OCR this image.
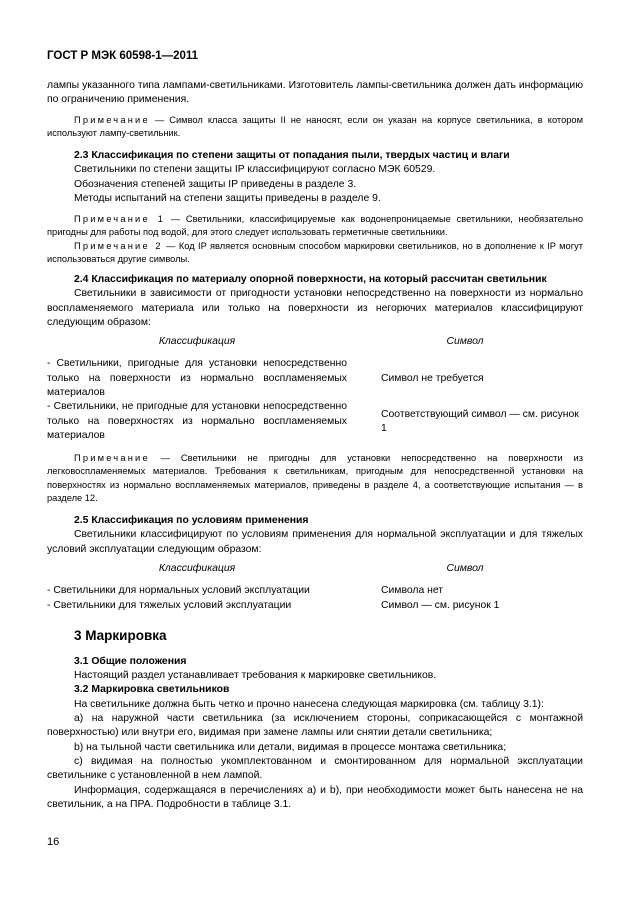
ГОСТ Р МЭК 60598-1—2011
лампы указанного типа лампами-светильниками. Изготовитель лампы-светильника должен дать информацию по ограничению применения.
Примечание — Символ класса защиты II не наносят, если он указан на корпусе светильника, в котором используют лампу-светильник.
2.3 Классификация по степени защиты от попадания пыли, твердых частиц и влаги
Светильники по степени защиты IP классифицируют согласно МЭК 60529.
Обозначения степеней защиты IP приведены в разделе 3.
Методы испытаний на степени защиты приведены в разделе 9.
Примечание 1 — Светильники, классифицируемые как водонепроницаемые светильники, необязательно пригодны для работы под водой, для этого следует использовать герметичные светильники.
Примечание 2 — Код IP является основным способом маркировки светильников, но в дополнение к IP могут использоваться другие символы.
2.4 Классификация по материалу опорной поверхности, на который рассчитан светильник
Светильники в зависимости от пригодности установки непосредственно на поверхности из нормально воспламеняемого материала или только на поверхности из негорючих материалов классифицируют следующим образом:
Классификация	Символ
- Светильники, пригодные для установки непосредственно только на поверхности из нормально воспламеняемых материалов	Символ не требуется
- Светильники, не пригодные для установки непосредственно только на поверхностях из нормально воспламеняемых материалов	Соответствующий символ — см. рисунок 1
Примечание — Светильники не пригодны для установки непосредственно на поверхности из легковоспламеняемых материалов. Требования к светильникам, пригодным для непосредственной установки на поверхностях из нормально воспламеняемых материалов, приведены в разделе 4, а соответствующие испытания — в разделе 12.
2.5 Классификация по условиям применения
Светильники классифицируют по условиям применения для нормальной эксплуатации и для тяжелых условий эксплуатации следующим образом:
Классификация	Символ
- Светильники для нормальных условий эксплуатации	Символа нет
- Светильники для тяжелых условий эксплуатации	Символ — см. рисунок 1
3 Маркировка
3.1 Общие положения
Настоящий раздел устанавливает требования к маркировке светильников.
3.2 Маркировка светильников
На светильнике должна быть четко и прочно нанесена следующая маркировка (см. таблицу 3.1):
а) на наружной части светильника (за исключением стороны, соприкасающейся с монтажной поверхностью) или внутри его, видимая при замене лампы или снятии детали светильника;
b) на тыльной части светильника или детали, видимая в процессе монтажа светильника;
c) видимая на полностью укомплектованном и смонтированном для нормальной эксплуатации светильнике с установленной в нем лампой.
Информация, содержащаяся в перечислениях а) и b), при необходимости может быть нанесена не на светильник, а на ПРА. Подробности в таблице 3.1.
16
